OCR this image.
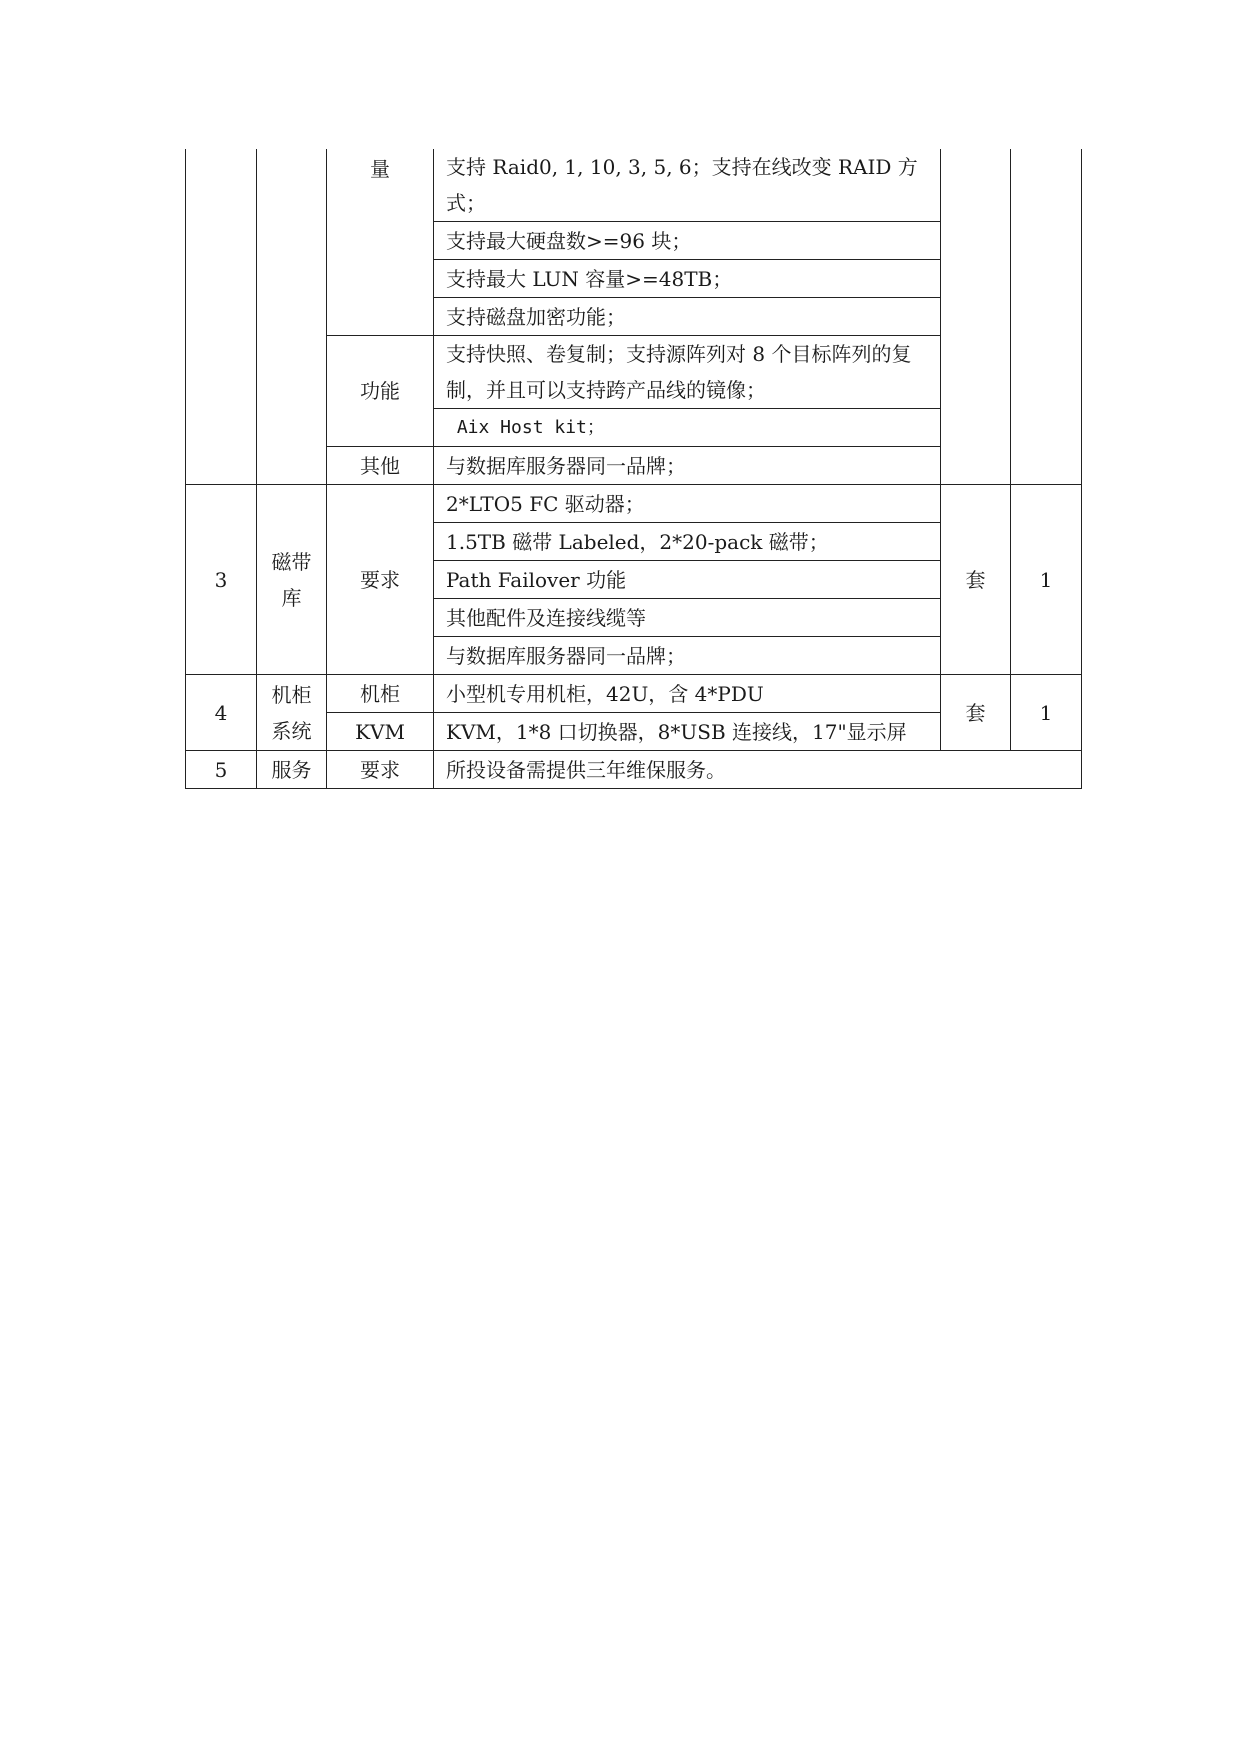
		量	支持 Raid0, 1, 10, 3, 5, 6；支持在线改变 RAID 方式；		
			支持最大硬盘数>=96 块；		
			支持最大 LUN 容量>=48TB；		
			支持磁盘加密功能；		
		功能	支持快照、卷复制；支持源阵列对 8 个目标阵列的复制，并且可以支持跨产品线的镜像；		
			Aix Host kit；		
		其他	与数据库服务器同一品牌；		

3	磁带库	要求	2*LTO5 FC 驱动器；	套	1
			1.5TB 磁带 Labeled，2*20-pack 磁带；		
			Path Failover 功能		
			其他配件及连接线缆等		
			与数据库服务器同一品牌；		
4	机柜系统	机柜	小型机专用机柜，42U，含 4*PDU	套	1
		KVM	KVM，1*8 口切换器，8*USB 连接线，17"显示屏		
5	服务	要求	所投设备需提供三年维保服务。		
